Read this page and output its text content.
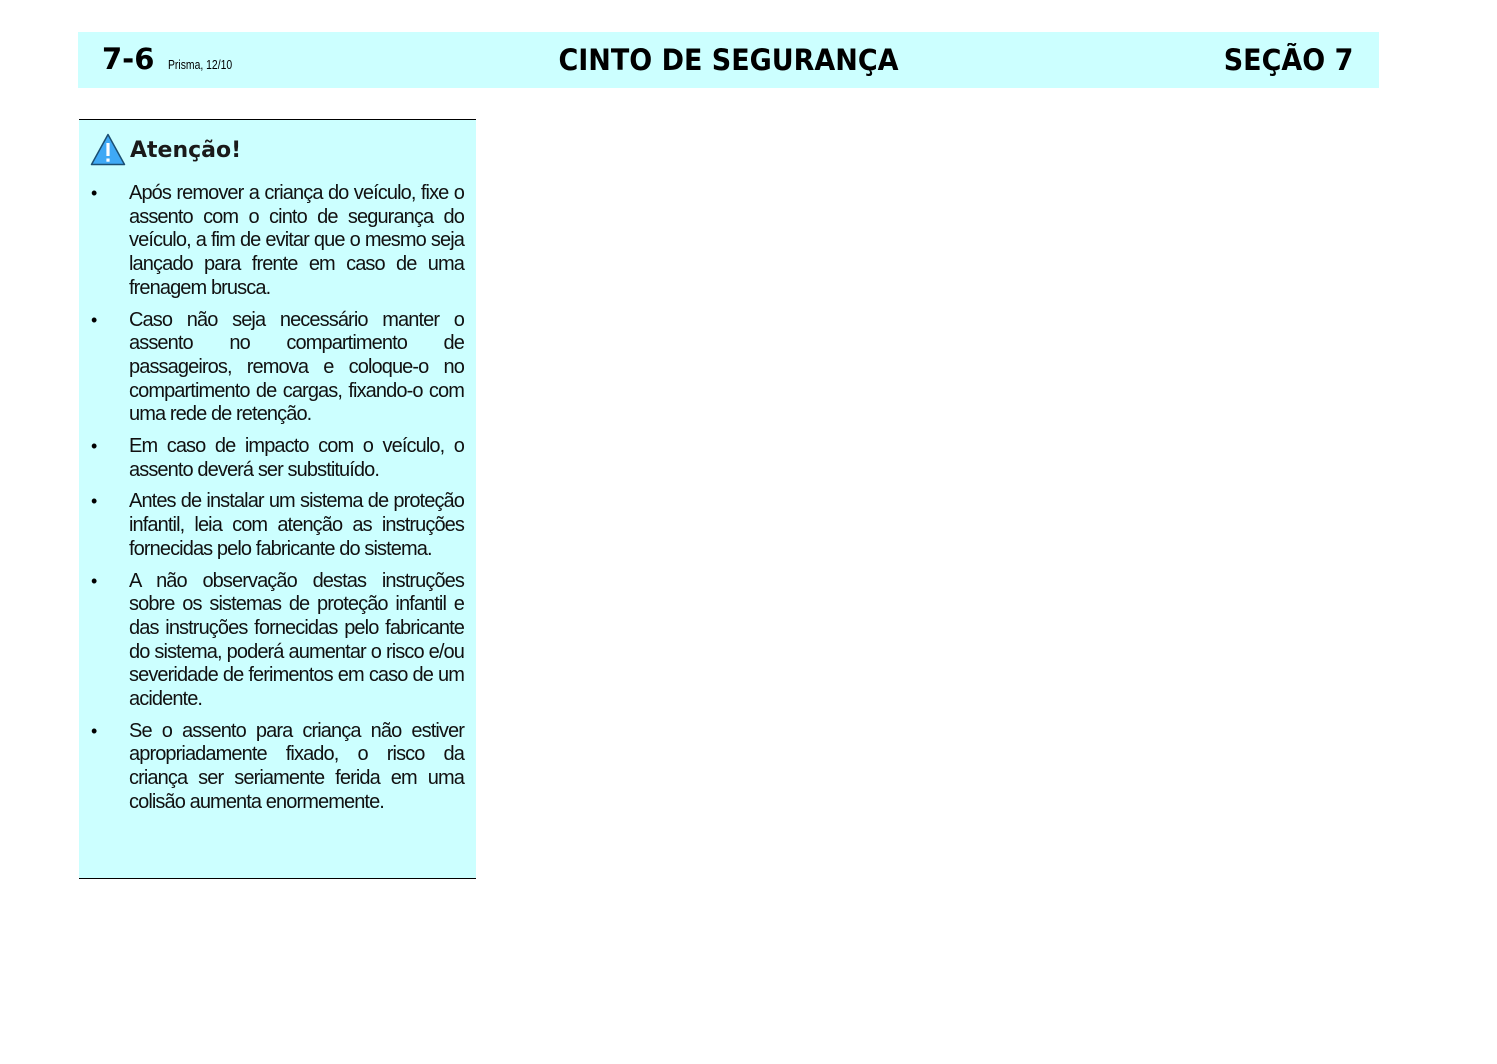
7-6 Prisma, 12/10	CINTO DE SEGURANÇA	SEÇÃO 7
Atenção!
• Após remover a criança do veículo, fixe o assento com o cinto de segurança do veículo, a fim de evitar que o mesmo seja lançado para frente em caso de uma frenagem brusca.
• Caso não seja necessário manter o assento no compartimento de passageiros, remova e coloque-o no compartimento de cargas, fixando-o com uma rede de retenção.
• Em caso de impacto com o veículo, o assento deverá ser substituído.
• Antes de instalar um sistema de proteção infantil, leia com atenção as instruções fornecidas pelo fabricante do sistema.
• A não observação destas instruções sobre os sistemas de proteção infantil e das instruções fornecidas pelo fabricante do sistema, poderá aumentar o risco e/ou severidade de ferimentos em caso de um acidente.
• Se o assento para criança não estiver apropriadamente fixado, o risco da criança ser seriamente ferida em uma colisão aumenta enormemente.
